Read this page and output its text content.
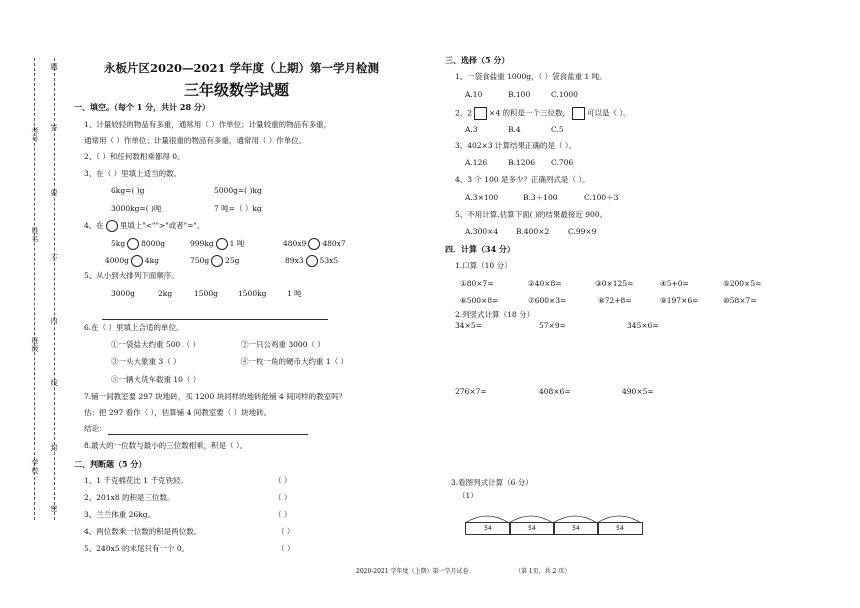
考号
姓名
班级
学校
题
答
要
不
内
线
封
密
永板片区2020—2021 学年度（上期）第一学月检测
三年级数学试题
一、填空。（每个 1 分，共计 28 分）
1、计量较轻的物品有多重，通常用（ ）作单位；计量较重的物品有多重，
通常用（ ）作单位；计量很重的物品有多重，通常用（ ）作单位。
2、（ ）和任何数相乘都得 0。
3、在（ ）里填上适当的数。
6kg=( )g	5000g=( )kg
3000kg=( )吨	7 吨=（ ）kg
4、在 里填上"<"">"或者"="。
5kg 8000g	999kg 1 吨	480x9 480x7
4000g 4kg	750g 25g	89x3 53x5
5、从小到大排列下面顺序。
3000g	2kg	1500g	1500kg	1 吨
6.在（ ）里填上合适的单位。
①一袋盐大约重 500 （ ）	②一只公鸡重 3000（ ）
③一头大象重 3（ ）	④一枚一角的硬币大约重 1（ ）
⑤一辆大货车载重 10（ ）
7.铺一间教室要 297 块地砖，买 1200 块同样的地砖能铺 4 间同样的教室吗？
估：把 297 看作（ ），估算铺 4 间教室要（ ）块地砖。
结论：
8.最大的一位数与最小的三位数相乘，积是（ ）。
二、判断题（5 分）
1、1 千克棉花比 1 千克铁轻。	（ ）
2、201x8 的积是三位数。	（ ）
3、兰兰体重 26kg。	（ ）
4、两位数乘一位数的积是两位数。	（ ）
5、240x5 的末尾只有一个 0。	（ ）
三、选择（5 分）
1、一袋食盐重 1000g，（ ）袋食盐重 1 吨。
A.10	B.100	C.1000
2、2 ×4 的积是一个三位数， 可以是（ ）。
A.3	B.4	C.5
3、402×3 计算结果正确的是（ ）。
A.126	B.1206 C.706
4、3 个 100 是多少？正确列式是（ ）。
A.3×100	B.3＋100	C.100＋3
5、不用计算,估算下面( )的结果最接近 900。
A.300×4 B.400×2 C.99×9
四．计算（34 分）
1.口算（10 分）
①80×7=	②40×8=	③0×125=	④5+0=	⑤200×5=
⑥500×8=	⑦600×3=	⑧72+8=	⑨197×6=	⑩58×7=
2.列竖式计算（18 分）
34×5=	57×9=	345×6=
276×7=	408×6=	490×5=
3.看图列式计算（6 分）
（1）
54	54	54	54
2020-2021 学年度（上期）第一学月试卷	（第 1页，共 2 页）
